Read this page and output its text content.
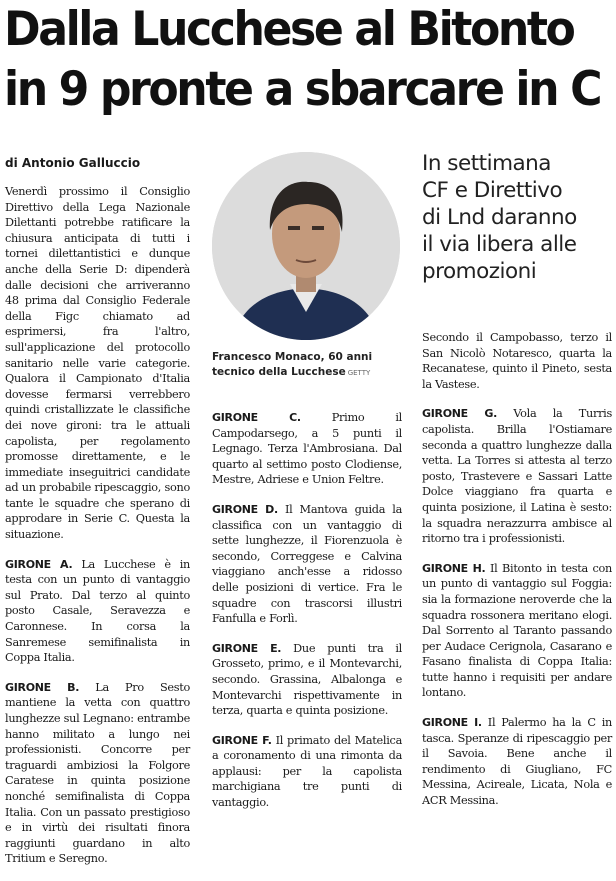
Dalla Lucchese al Bitonto
in 9 pronte a sbarcare in C
di Antonio Galluccio

Venerdì prossimo il Consiglio Direttivo della Lega Nazionale Dilettanti potrebbe ratificare la chiusura anticipata di tutti i tornei dilettantistici e dunque anche della Serie D: dipenderà dalle decisioni che arriveranno 48 prima dal Consiglio Federale della Figc chiamato ad esprimersi, fra l'altro, sull'applicazione del protocollo sanitario nelle varie categorie. Qualora il Campionato d'Italia dovesse fermarsi verrebbero quindi cristallizzate le classifiche dei nove gironi: tra le attuali capolista, per regolamento promosse direttamente, e le immediate inseguitrici candidate ad un probabile ripescaggio, sono tante le squadre che sperano di approdare in Serie C. Questa la situazione.

GIRONE A. La Lucchese è in testa con un punto di vantaggio sul Prato. Dal terzo al quinto posto Casale, Seravezza e Caronnese. In corsa la Sanremese semifinalista in Coppa Italia.

GIRONE B. La Pro Sesto mantiene la vetta con quattro lunghezze sul Legnano: entrambe hanno militato a lungo nei professionisti. Concorre per traguardi ambiziosi la Folgore Caratese in quinta posizione nonché semifinalista di Coppa Italia. Con un passato prestigioso e in virtù dei risultati finora raggiunti guardano in alto Tritium e Seregno.

Francesco Monaco, 60 anni tecnico della Lucchese GETTY
In settimana
CF e Direttivo
di Lnd daranno
il via libera alle
promozioni

GIRONE C.	Primo il Campodarsego, a 5 punti il Legnago. Terza l'Ambrosiana. Dal quarto al settimo posto Clodiense, Mestre, Adriese e Union Feltre.

GIRONE D. Il Mantova guida la classifica con un vantaggio di sette lunghezze, il Fiorenzuola è secondo, Correggese e Calvina viaggiano anch'esse a ridosso delle posizioni di vertice. Fra le squadre con trascorsi illustri Fanfulla e Forlì.

GIRONE E. Due punti tra il Grosseto, primo, e il Montevarchi, secondo. Grassina, Albalonga e Montevarchi rispettivamente in terza, quarta e quinta posizione.

GIRONE F. Il primato del Matelica a coronamento di una rimonta da applausi: per la capolista marchigiana tre punti di vantaggio.

Secondo il Campobasso, terzo il San Nicolò Notaresco, quarta la Recanatese, quinto il Pineto, sesta la Vastese.

GIRONE G. Vola la Turris capolista. Brilla l'Ostiamare seconda a quattro lunghezze dalla vetta. La Torres si attesta al terzo posto, Trastevere e Sassari Latte Dolce viaggiano fra quarta e quinta posizione, il Latina è sesto: la squadra nerazzurra ambisce al ritorno tra i professionisti.

GIRONE H. Il Bitonto in testa con un punto di vantaggio sul Foggia: sia la formazione neroverde che la squadra rossonera meritano elogi. Dal Sorrento al Taranto passando per Audace Cerignola, Casarano e Fasano finalista di Coppa Italia: tutte hanno i requisiti per andare lontano.

GIRONE I. Il Palermo ha la C in tasca. Speranze di ripescaggio per il Savoia. Bene anche il rendimento di Giugliano, FC Messina, Acireale, Licata, Nola e ACR Messina.
